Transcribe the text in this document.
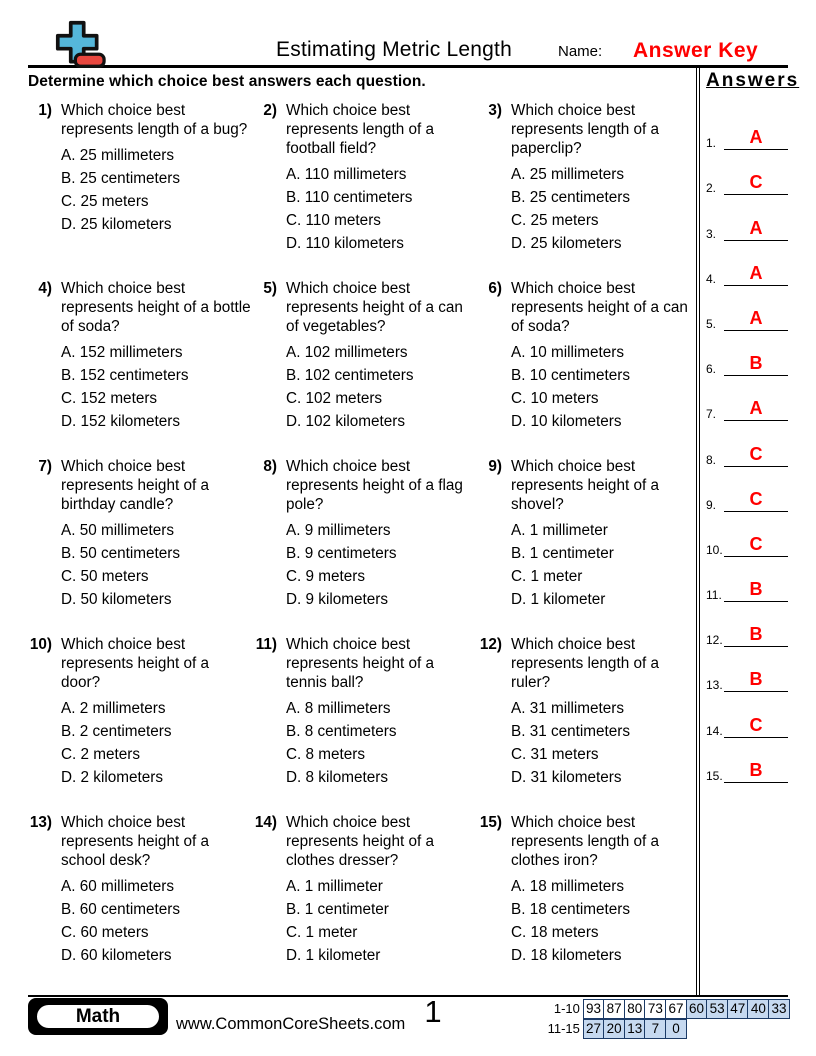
Estimating Metric Length	Name: Answer Key
Determine which choice best answers each question.
1) Which choice best represents length of a bug?
A. 25 millimeters
B. 25 centimeters
C. 25 meters
D. 25 kilometers
2) Which choice best represents length of a football field?
A. 110 millimeters
B. 110 centimeters
C. 110 meters
D. 110 kilometers
3) Which choice best represents length of a paperclip?
A. 25 millimeters
B. 25 centimeters
C. 25 meters
D. 25 kilometers
4) Which choice best represents height of a bottle of soda?
A. 152 millimeters
B. 152 centimeters
C. 152 meters
D. 152 kilometers
5) Which choice best represents height of a can of vegetables?
A. 102 millimeters
B. 102 centimeters
C. 102 meters
D. 102 kilometers
6) Which choice best represents height of a can of soda?
A. 10 millimeters
B. 10 centimeters
C. 10 meters
D. 10 kilometers
7) Which choice best represents height of a birthday candle?
A. 50 millimeters
B. 50 centimeters
C. 50 meters
D. 50 kilometers
8) Which choice best represents height of a flag pole?
A. 9 millimeters
B. 9 centimeters
C. 9 meters
D. 9 kilometers
9) Which choice best represents height of a shovel?
A. 1 millimeter
B. 1 centimeter
C. 1 meter
D. 1 kilometer
10) Which choice best represents height of a door?
A. 2 millimeters
B. 2 centimeters
C. 2 meters
D. 2 kilometers
11) Which choice best represents height of a tennis ball?
A. 8 millimeters
B. 8 centimeters
C. 8 meters
D. 8 kilometers
12) Which choice best represents length of a ruler?
A. 31 millimeters
B. 31 centimeters
C. 31 meters
D. 31 kilometers
13) Which choice best represents height of a school desk?
A. 60 millimeters
B. 60 centimeters
C. 60 meters
D. 60 kilometers
14) Which choice best represents height of a clothes dresser?
A. 1 millimeter
B. 1 centimeter
C. 1 meter
D. 1 kilometer
15) Which choice best represents length of a clothes iron?
A. 18 millimeters
B. 18 centimeters
C. 18 meters
D. 18 kilometers
Answers
1.	A
2.	C
3.	A
4.	A
5.	A
6.	B
7.	A
8.	C
9.	C
10.	C
11.	B
12.	B
13.	B
14.	C
15.	B
Math	www.CommonCoreSheets.com 1	1-10 93 87 80 73 67 60 53 47 40 33
11-15 27 20 13 7 0
